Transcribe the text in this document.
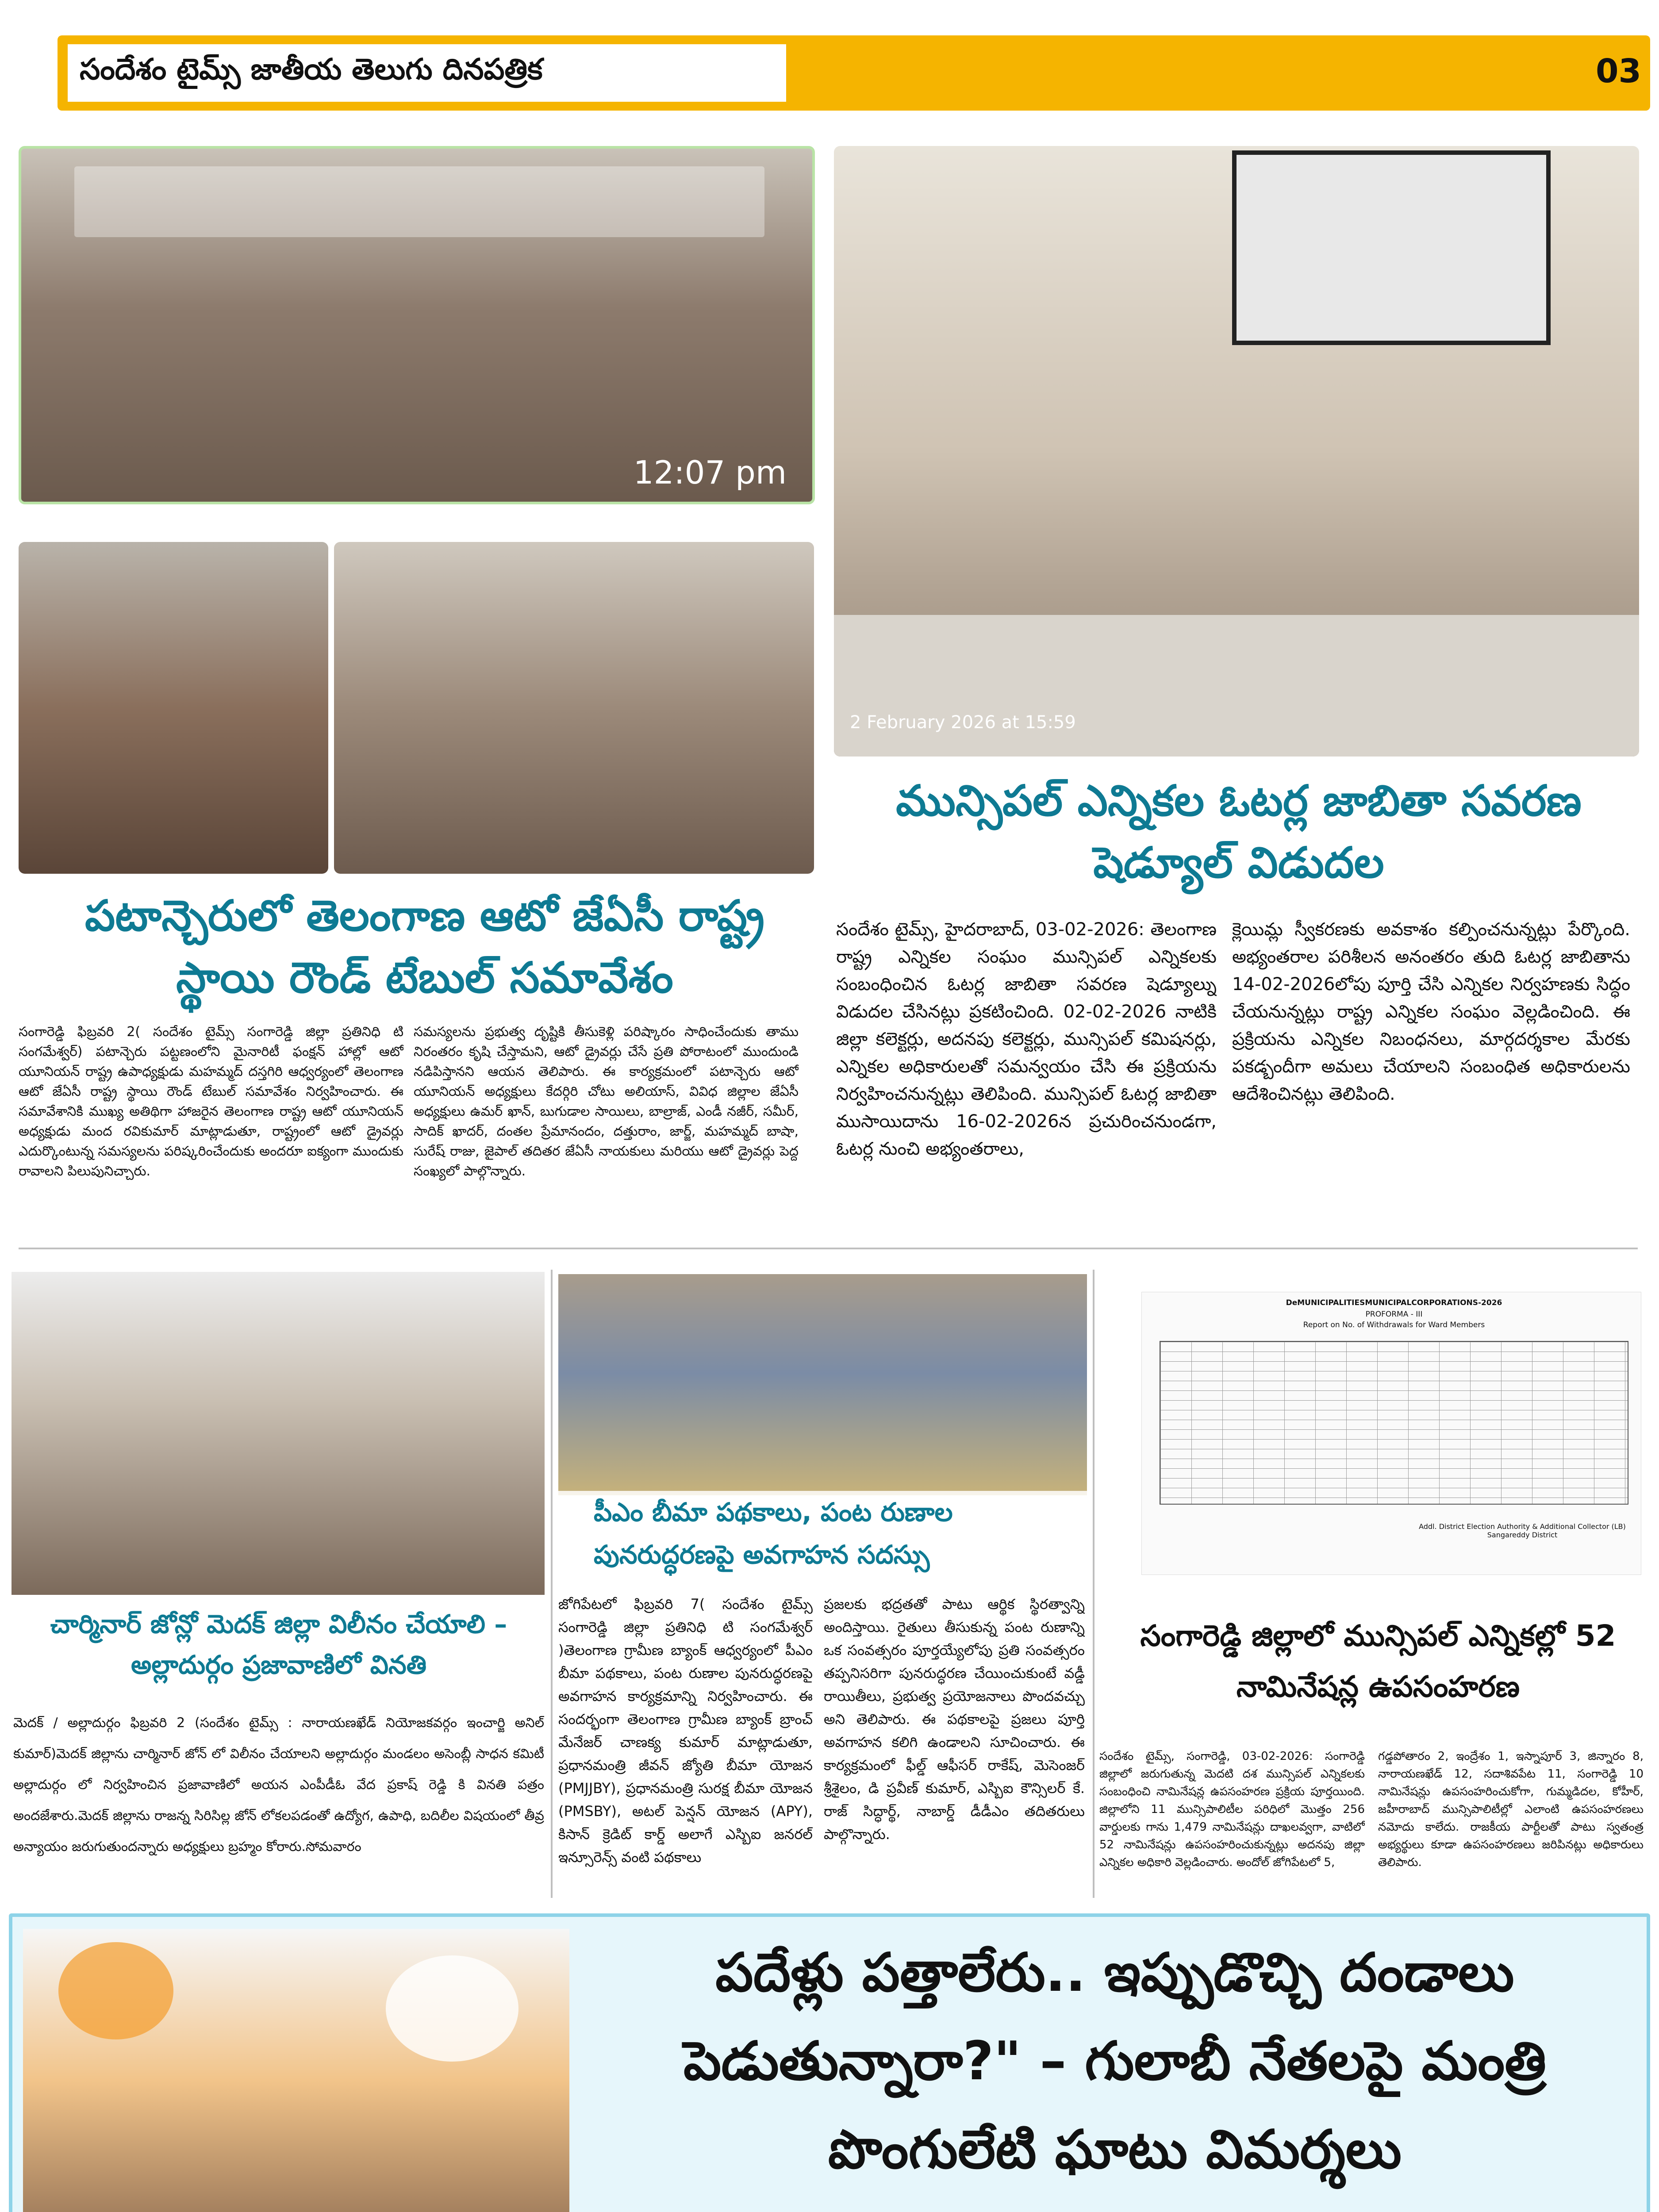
సందేశం టైమ్స్ జాతీయ తెలుగు దినపత్రిక	03
12:07 pm
పటాన్చెరులో తెలంగాణ ఆటో జేఏసీ రాష్ట్ర స్థాయి రౌండ్ టేబుల్ సమావేశం
2 February 2026 at 15:59
మున్సిపల్ ఎన్నికల ఓటర్ల జాబితా సవరణ షెడ్యూల్ విడుదల
సంగారెడ్డి ఫిబ్రవరి 2( సందేశం టైమ్స్ సంగారెడ్డి జిల్లా ప్రతినిధి టి సంగమేశ్వర్) పటాన్చెరు పట్టణంలోని మైనారిటీ ఫంక్షన్ హాల్లో ఆటో యూనియన్ రాష్ట్ర ఉపాధ్యక్షుడు మహమ్మద్ దస్తగిరి ఆధ్వర్యంలో తెలంగాణ ఆటో జేఏసీ రాష్ట్ర స్థాయి రౌండ్ టేబుల్ సమావేశం నిర్వహించారు. ఈ సమావేశానికి ముఖ్య అతిథిగా హాజరైన తెలంగాణ రాష్ట్ర ఆటో యూనియన్ అధ్యక్షుడు మంద రవికుమార్ మాట్లాడుతూ, రాష్ట్రంలో ఆటో డ్రైవర్లు ఎదుర్కొంటున్న సమస్యలను పరిష్కరించేందుకు అందరూ ఐక్యంగా ముందుకు రావాలని పిలుపునిచ్చారు.
సమస్యలను ప్రభుత్వ దృష్టికి తీసుకెళ్లి పరిష్కారం సాధించేందుకు తాము నిరంతరం కృషి చేస్తామని, ఆటో డ్రైవర్లు చేసే ప్రతి పోరాటంలో ముందుండి నడిపిస్తానని ఆయన తెలిపారు. ఈ కార్యక్రమంలో పటాన్చెరు ఆటో యూనియన్ అధ్యక్షులు కేదర్గిరి చోటు అలియాస్, వివిధ జిల్లాల జేఏసీ అధ్యక్షులు ఉమర్ ఖాన్, బుగుడాల సాయిలు, బాల్రాజ్, ఎండీ నజీర్, సమీర్, సాదిక్ ఖాదర్, దంతల ప్రేమానందం, దత్తురాం, జార్జ్, మహమ్మద్ బాషా, సురేష్ రాజు, జైపాల్ తదితర జేఏసీ నాయకులు మరియు ఆటో డ్రైవర్లు పెద్ద సంఖ్యలో పాల్గొన్నారు.
సందేశం టైమ్స్, హైదరాబాద్, 03-02-2026: తెలంగాణ రాష్ట్ర ఎన్నికల సంఘం మున్సిపల్ ఎన్నికలకు సంబంధించిన ఓటర్ల జాబితా సవరణ షెడ్యూల్ను విడుదల చేసినట్లు ప్రకటించింది. 02-02-2026 నాటికి జిల్లా కలెక్టర్లు, అదనపు కలెక్టర్లు, మున్సిపల్ కమిషనర్లు, ఎన్నికల అధికారులతో సమన్వయం చేసి ఈ ప్రక్రియను నిర్వహించనున్నట్లు తెలిపింది. మున్సిపల్ ఓటర్ల జాబితా ముసాయిదాను 16-02-2026న ప్రచురించనుండగా, ఓటర్ల నుంచి అభ్యంతరాలు,
క్లెయిమ్ల స్వీకరణకు అవకాశం కల్పించనున్నట్లు పేర్కొంది. అభ్యంతరాల పరిశీలన అనంతరం తుది ఓటర్ల జాబితాను 14-02-2026లోపు పూర్తి చేసి ఎన్నికల నిర్వహణకు సిద్ధం చేయనున్నట్లు రాష్ట్ర ఎన్నికల సంఘం వెల్లడించింది. ఈ ప్రక్రియను ఎన్నికల నిబంధనలు, మార్గదర్శకాల మేరకు పకడ్బందీగా అమలు చేయాలని సంబంధిత అధికారులను ఆదేశించినట్లు తెలిపింది.
చార్మినార్ జోన్లో మెదక్ జిల్లా విలీనం చేయాలి – అల్లాదుర్గం ప్రజావాణిలో వినతి
మెదక్ / అల్లాదుర్గం ఫిబ్రవరి 2 (సందేశం టైమ్స్ : నారాయణఖేడ్ నియోజకవర్గం ఇంచార్జి అనిల్ కుమార్)మెదక్ జిల్లాను చార్మినార్ జోన్ లో విలీనం చేయాలని అల్లాదుర్గం మండలం అసెంబ్లీ సాధన కమిటీ అల్లాదుర్గం లో నిర్వహించిన ప్రజావాణిలో అయన ఎంపీడీఓ వేద ప్రకాష్ రెడ్డి కి వినతి పత్రం అందజేశారు.మెదక్ జిల్లాను రాజన్న సిరిసిల్ల జోన్ లోకలపడంతో ఉద్యోగ, ఉపాధి, బదిలీల విషయంలో తీవ్ర అన్యాయం జరుగుతుందన్నారు అధ్యక్షులు బ్రహ్మం కోరారు.సోమవారం
పీఎం బీమా పథకాలు, పంట రుణాల పునరుద్ధరణపై అవగాహన సదస్సు
జోగిపేటలో ఫిబ్రవరి 7( సందేశం టైమ్స్ సంగారెడ్డి జిల్లా ప్రతినిధి టి సంగమేశ్వర్ )తెలంగాణ గ్రామీణ బ్యాంక్ ఆధ్వర్యంలో పీఎం బీమా పథకాలు, పంట రుణాల పునరుద్ధరణపై అవగాహన కార్యక్రమాన్ని నిర్వహించారు. ఈ సందర్భంగా తెలంగాణ గ్రామీణ బ్యాంక్ బ్రాంచ్ మేనేజర్ చాణక్య కుమార్ మాట్లాడుతూ, ప్రధానమంత్రి జీవన్ జ్యోతి బీమా యోజన (PMJJBY), ప్రధానమంత్రి సురక్ష బీమా యోజన (PMSBY), అటల్ పెన్షన్ యోజన (APY), కిసాన్ క్రెడిట్ కార్డ్ అలాగే ఎస్బిఐ జనరల్ ఇన్సూరెన్స్ వంటి పథకాలు
ప్రజలకు భద్రతతో పాటు ఆర్థిక స్థిరత్వాన్ని అందిస్తాయి. రైతులు తీసుకున్న పంట రుణాన్ని ఒక సంవత్సరం పూర్తయ్యేలోపు ప్రతి సంవత్సరం తప్పనిసరిగా పునరుద్ధరణ చేయించుకుంటే వడ్డీ రాయితీలు, ప్రభుత్వ ప్రయోజనాలు పొందవచ్చు అని తెలిపారు. ఈ పథకాలపై ప్రజలు పూర్తి అవగాహన కలిగి ఉండాలని సూచించారు. ఈ కార్యక్రమంలో ఫీల్డ్ ఆఫీసర్ రాకేష్, మెసెంజర్ శ్రీశైలం, డి ప్రవీణ్ కుమార్, ఎస్బిఐ కౌన్సిలర్ కే. రాజ్ సిద్ధార్థ్, నాబార్డ్ డీడీఎం తదితరులు పాల్గొన్నారు.
DeMUNICIPALITIESMUNICIPALCORPORATIONS-2026
PROFORMA - III
Report on No. of Withdrawals for Ward Members
Addl. District Election Authority & Additional Collector (LB) Sangareddy District
సంగారెడ్డి జిల్లాలో మున్సిపల్ ఎన్నికల్లో 52 నామినేషన్ల ఉపసంహరణ
సందేశం టైమ్స్, సంగారెడ్డి, 03-02-2026: సంగారెడ్డి జిల్లాలో జరుగుతున్న మెదటి దశ మున్సిపల్ ఎన్నికలకు సంబంధించి నామినేషన్ల ఉపసంహరణ ప్రక్రియ పూర్తయింది. జిల్లాలోని 11 మున్సిపాలిటీల పరిధిలో మొత్తం 256 వార్డులకు గాను 1,479 నామినేషన్లు దాఖలవ్వగా, వాటిలో 52 నామినేషన్లు ఉపసంహరించుకున్నట్లు అదనపు జిల్లా ఎన్నికల అధికారి వెల్లడించారు. అందోల్ జోగిపేటలో 5,
గడ్డపోతారం 2, ఇంద్రేశం 1, ఇస్నాపూర్ 3, జిన్నారం 8, నారాయణఖేడ్ 12, సదాశివపేట 11, సంగారెడ్డి 10 నామినేషన్లు ఉపసంహరించుకోగా, గుమ్మడిదల, కోహీర్, జహీరాబాద్ మున్సిపాలిటీల్లో ఎలాంటి ఉపసంహరణలు నమోదు కాలేదు. రాజకీయ పార్టీలతో పాటు స్వతంత్ర అభ్యర్థులు కూడా ఉపసంహరణలు జరిపినట్లు అధికారులు తెలిపారు.
పదేళ్లు పత్తాలేరు.. ఇప్పుడొచ్చి దండాలు పెడుతున్నారా?" – గులాబీ నేతలపై మంత్రి పొంగులేటి ఘాటు విమర్శలు
